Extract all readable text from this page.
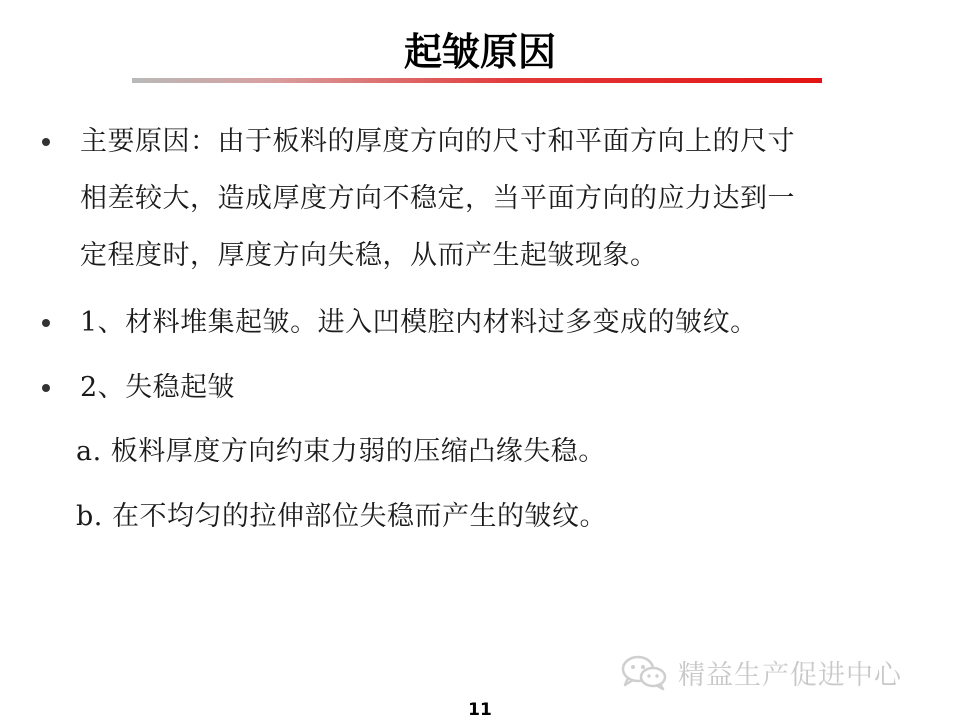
起皱原因
主要原因：由于板料的厚度方向的尺寸和平面方向上的尺寸
相差较大，造成厚度方向不稳定，当平面方向的应力达到一
定程度时，厚度方向失稳，从而产生起皱现象。
1、材料堆集起皱。进入凹模腔内材料过多变成的皱纹。
2、失稳起皱
a. 板料厚度方向约束力弱的压缩凸缘失稳。
b. 在不均匀的拉伸部位失稳而产生的皱纹。
精益生产促进中心
11
